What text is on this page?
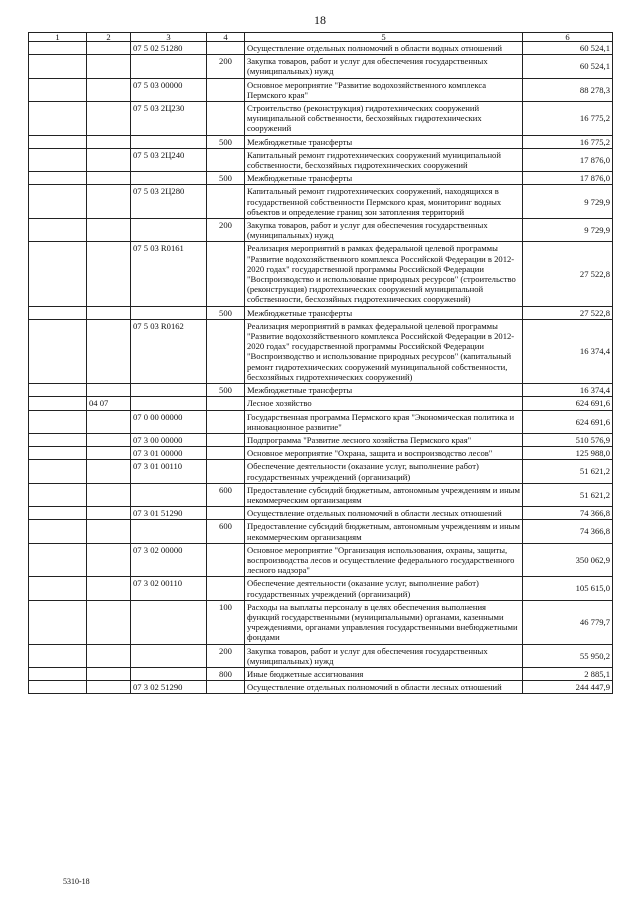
18
1	2	3	4	5	6
		07 5 02 51280		Осуществление отдельных полномочий в области водных отношений	60 524,1
			200	Закупка товаров, работ и услуг для обеспечения государственных (муниципальных) нужд	60 524,1
		07 5 03 00000		Основное мероприятие "Развитие водохозяйственного комплекса Пермского края"	88 278,3
		07 5 03 2Ц230		Строительство (реконструкция) гидротехнических сооружений муниципальной собственности, бесхозяйных гидротехнических сооружений	16 775,2
			500	Межбюджетные трансферты	16 775,2
		07 5 03 2Ц240		Капитальный ремонт гидротехнических сооружений муниципальной собственности, бесхозяйных гидротехнических сооружений	17 876,0
			500	Межбюджетные трансферты	17 876,0
		07 5 03 2Ц280		Капитальный ремонт гидротехнических сооружений, находящихся в государственной собственности Пермского края, мониторинг водных объектов и определение границ зон затопления территорий	9 729,9
			200	Закупка товаров, работ и услуг для обеспечения государственных (муниципальных) нужд	9 729,9
		07 5 03 R0161		Реализация мероприятий в рамках федеральной целевой программы "Развитие водохозяйственного комплекса Российской Федерации в 2012-2020 годах" государственной программы Российской Федерации "Воспроизводство и использование природных ресурсов" (строительство (реконструкция) гидротехнических сооружений муниципальной собственности, бесхозяйных гидротехнических сооружений)	27 522,8
			500	Межбюджетные трансферты	27 522,8
		07 5 03 R0162		Реализация мероприятий в рамках федеральной целевой программы "Развитие водохозяйственного комплекса Российской Федерации в 2012-2020 годах" государственной программы Российской Федерации "Воспроизводство и использование природных ресурсов" (капитальный ремонт гидротехнических сооружений муниципальной собственности, бесхозяйных гидротехнических сооружений)	16 374,4
			500	Межбюджетные трансферты	16 374,4
	04 07			Лесное хозяйство	624 691,6
		07 0 00 00000		Государственная программа Пермского края "Экономическая политика и инновационное развитие"	624 691,6
		07 3 00 00000		Подпрограмма "Развитие лесного хозяйства Пермского края"	510 576,9
		07 3 01 00000		Основное мероприятие "Охрана, защита и воспроизводство лесов"	125 988,0
		07 3 01 00110		Обеспечение деятельности (оказание услуг, выполнение работ) государственных учреждений (организаций)	51 621,2
			600	Предоставление субсидий бюджетным, автономным учреждениям и иным некоммерческим организациям	51 621,2
		07 3 01 51290		Осуществление отдельных полномочий в области лесных отношений	74 366,8
			600	Предоставление субсидий бюджетным, автономным учреждениям и иным некоммерческим организациям	74 366,8
		07 3 02 00000		Основное мероприятие "Организация использования, охраны, защиты, воспроизводства лесов и осуществление федерального государственного лесного надзора"	350 062,9
		07 3 02 00110		Обеспечение деятельности (оказание услуг, выполнение работ) государственных учреждений (организаций)	105 615,0
			100	Расходы на выплаты персоналу в целях обеспечения выполнения функций государственными (муниципальными) органами, казенными учреждениями, органами управления государственными внебюджетными фондами	46 779,7
			200	Закупка товаров, работ и услуг для обеспечения государственных (муниципальных) нужд	55 950,2
			800	Иные бюджетные ассигнования	2 885,1
		07 3 02 51290		Осуществление отдельных полномочий в области лесных отношений	244 447,9
5310-18
